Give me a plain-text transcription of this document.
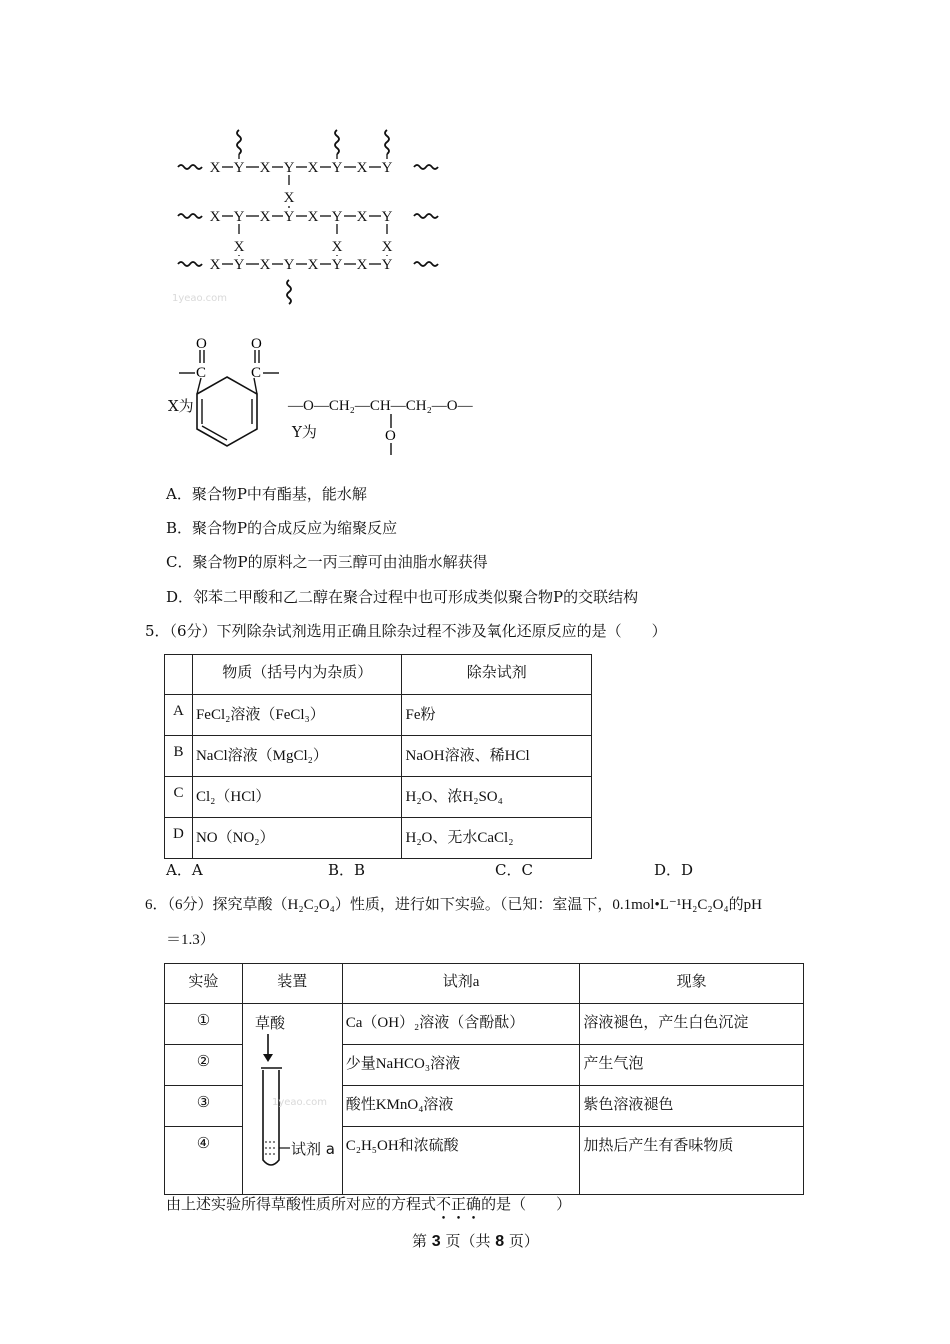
X Y X Y X Y X Y
X Y X Y X Y X Y
X Y X Y X Y X Y
X
X	X	X
1yeao.com
C
O
C
O
O
X为	—O—CH₂—CH—CH₂—O—
Y为
A．聚合物P中有酯基，能水解
B．聚合物P的合成反应为缩聚反应
C．聚合物P的原料之一丙三醇可由油脂水解获得
D．邻苯二甲酸和乙二醇在聚合过程中也可形成类似聚合物P的交联结构
5．（6分）下列除杂试剂选用正确且除杂过程不涉及氧化还原反应的是（　　）
	物质（括号内为杂质）	除杂试剂
A	FeCl₂溶液（FeCl₃）	Fe粉
B	NaCl溶液（MgCl₂）	NaOH溶液、稀HCl
C	Cl₂（HCl）	H₂O、浓H₂SO₄
D	NO（NO₂）	H₂O、无水CaCl₂
A．A	B．B	C．C	D．D
6．（6分）探究草酸（H₂C₂O₄）性质，进行如下实验。（已知：室温下，0.1mol•L⁻¹H₂C₂O₄的pH
＝1.3）
实验	装置	试剂a	现象
①		Ca（OH）₂溶液（含酚酞）	溶液褪色，产生白色沉淀
②		少量NaHCO₃溶液	产生气泡
③		酸性KMnO₄溶液	紫色溶液褪色
④		C₂H₅OH和浓硫酸	加热后产生有香味物质
草酸
试剂 a
1yeao.com
由上述实验所得草酸性质所对应的方程式不正确的是（　　）
第 3 页（共 8 页）
